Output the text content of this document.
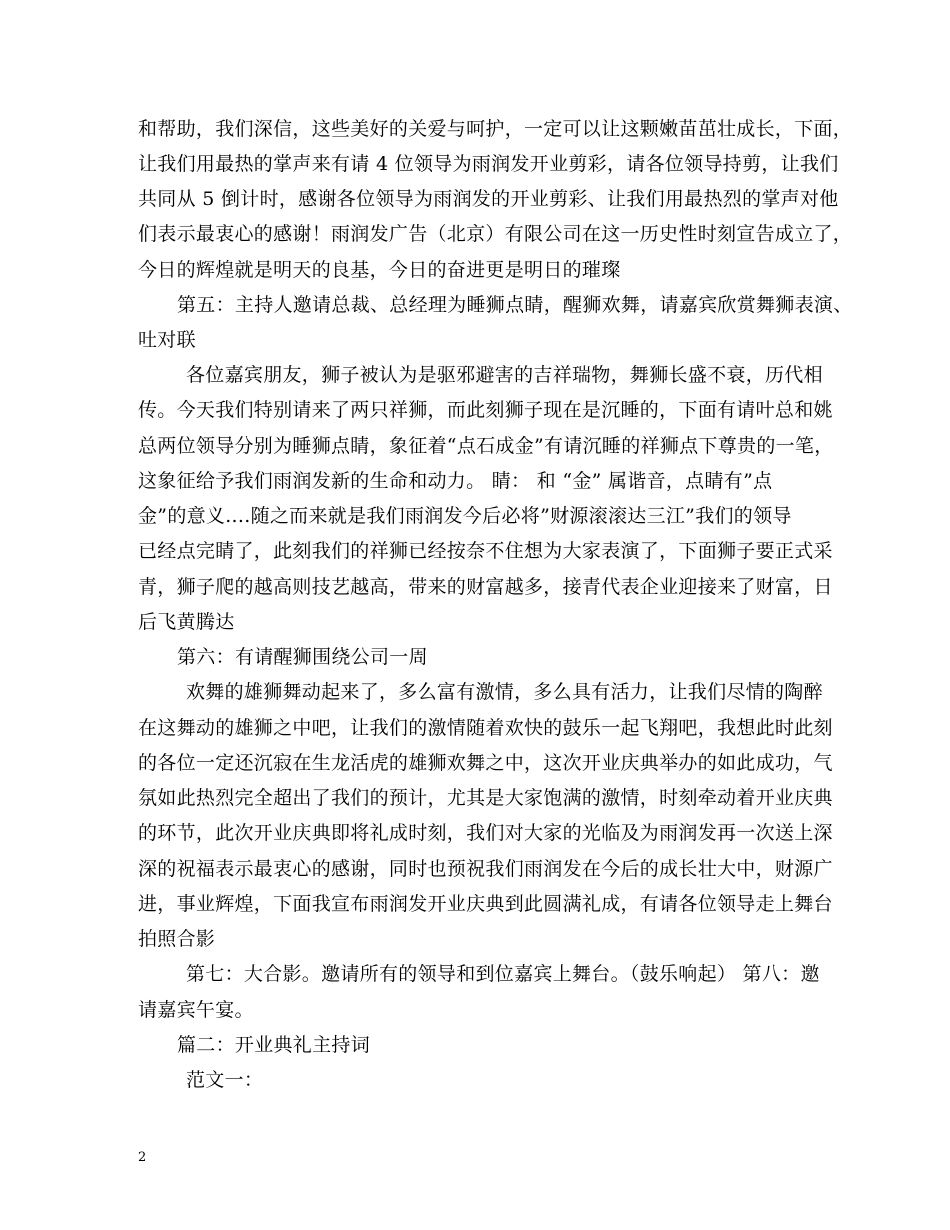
和帮助，我们深信，这些美好的关爱与呵护，一定可以让这颗嫩苗茁壮成长，下面，
让我们用最热的掌声来有请 4 位领导为雨润发开业剪彩，请各位领导持剪，让我们
共同从 5 倒计时，感谢各位领导为雨润发的开业剪彩、让我们用最热烈的掌声对他
们表示最衷心的感谢！雨润发广告（北京）有限公司在这一历史性时刻宣告成立了，
今日的辉煌就是明天的良基，今日的奋进更是明日的璀璨
第五：主持人邀请总裁、总经理为睡狮点睛，醒狮欢舞，请嘉宾欣赏舞狮表演、
吐对联
各位嘉宾朋友，狮子被认为是驱邪避害的吉祥瑞物，舞狮长盛不衰，历代相
传。今天我们特别请来了两只祥狮，而此刻狮子现在是沉睡的，下面有请叶总和姚
总两位领导分别为睡狮点睛，象征着“点石成金”有请沉睡的祥狮点下尊贵的一笔，
这象征给予我们雨润发新的生命和动力。 睛： 和 “金” 属谐音，点睛有”点
金”的意义....随之而来就是我们雨润发今后必将”财源滚滚达三江”我们的领导
已经点完睛了，此刻我们的祥狮已经按奈不住想为大家表演了，下面狮子要正式采
青，狮子爬的越高则技艺越高，带来的财富越多，接青代表企业迎接来了财富，日
后飞黄腾达
第六：有请醒狮围绕公司一周
欢舞的雄狮舞动起来了，多么富有激情，多么具有活力，让我们尽情的陶醉
在这舞动的雄狮之中吧，让我们的激情随着欢快的鼓乐一起飞翔吧，我想此时此刻
的各位一定还沉寂在生龙活虎的雄狮欢舞之中，这次开业庆典举办的如此成功，气
氛如此热烈完全超出了我们的预计，尤其是大家饱满的激情，时刻牵动着开业庆典
的环节，此次开业庆典即将礼成时刻，我们对大家的光临及为雨润发再一次送上深
深的祝福表示最衷心的感谢，同时也预祝我们雨润发在今后的成长壮大中，财源广
进，事业辉煌，下面我宣布雨润发开业庆典到此圆满礼成，有请各位领导走上舞台
拍照合影
第七：大合影。邀请所有的领导和到位嘉宾上舞台。（鼓乐响起） 第八：邀
请嘉宾午宴。
篇二：开业典礼主持词
范文一：
2
